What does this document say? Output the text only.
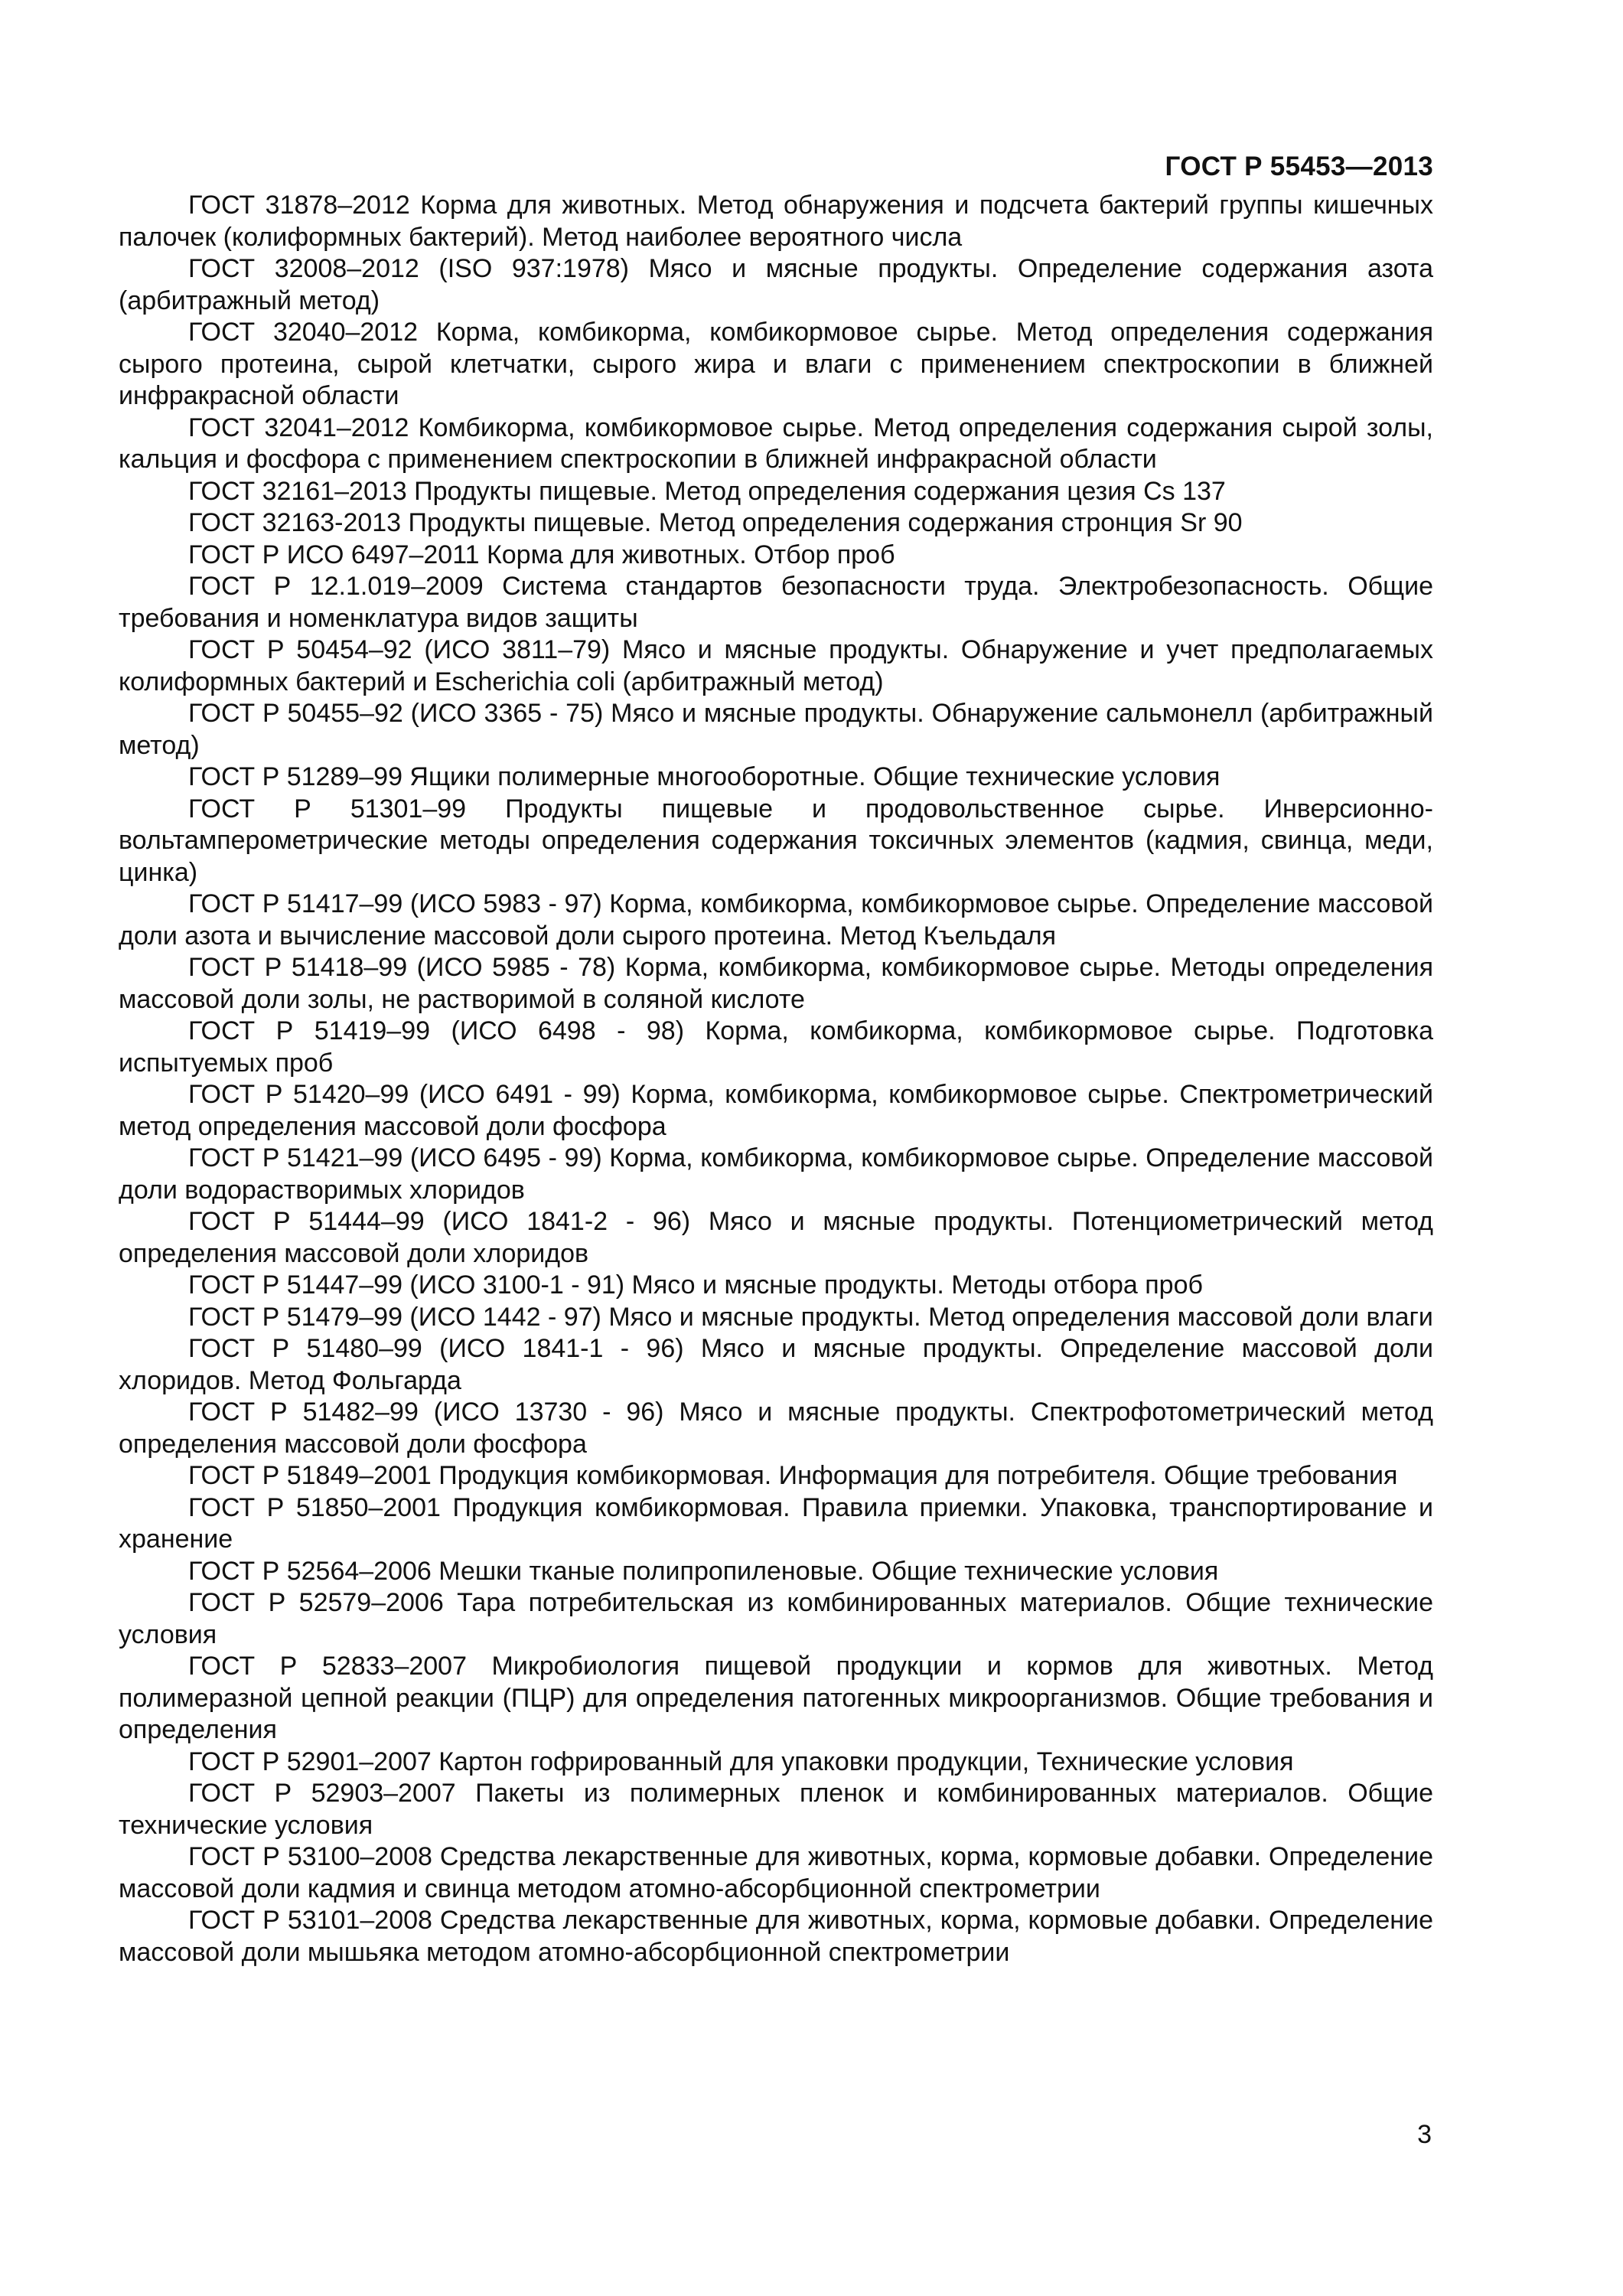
ГОСТ Р 55453—2013

ГОСТ 31878–2012 Корма для животных. Метод обнаружения и подсчета бактерий группы кишечных палочек (колиформных бактерий). Метод наиболее вероятного числа

ГОСТ 32008–2012 (ISO 937:1978) Мясо и мясные продукты. Определение содержания азота (арбитражный метод)

ГОСТ 32040–2012 Корма, комбикорма, комбикормовое сырье. Метод определения содержания сырого протеина, сырой клетчатки, сырого жира и влаги с применением спектроскопии в ближней инфракрасной области

ГОСТ 32041–2012 Комбикорма, комбикормовое сырье. Метод определения содержания сырой золы, кальция и фосфора с применением спектроскопии в ближней инфракрасной области

ГОСТ 32161–2013 Продукты пищевые. Метод определения содержания цезия Cs 137

ГОСТ 32163-2013 Продукты пищевые. Метод определения содержания стронция Sr 90

ГОСТ Р ИСО 6497–2011 Корма для животных. Отбор проб

ГОСТ Р 12.1.019–2009 Система стандартов безопасности труда. Электробезопасность. Общие требования и номенклатура видов защиты

ГОСТ Р 50454–92 (ИСО 3811–79) Мясо и мясные продукты. Обнаружение и учет предполагаемых колиформных бактерий и Escherichia coli (арбитражный метод)

ГОСТ Р 50455–92 (ИСО 3365 - 75) Мясо и мясные продукты. Обнаружение сальмонелл (арбитражный метод)

ГОСТ Р 51289–99 Ящики полимерные многооборотные. Общие технические условия

ГОСТ Р 51301–99 Продукты пищевые и продовольственное сырье. Инверсионно-вольтамперометрические методы определения содержания токсичных элементов (кадмия, свинца, меди, цинка)

ГОСТ Р 51417–99 (ИСО 5983 - 97) Корма, комбикорма, комбикормовое сырье. Определение массовой доли азота и вычисление массовой доли сырого протеина. Метод Къельдаля

ГОСТ Р 51418–99 (ИСО 5985 - 78) Корма, комбикорма, комбикормовое сырье. Методы определения массовой доли золы, не растворимой в соляной кислоте

ГОСТ Р 51419–99 (ИСО 6498 - 98) Корма, комбикорма, комбикормовое сырье. Подготовка испытуемых проб

ГОСТ Р 51420–99 (ИСО 6491 - 99) Корма, комбикорма, комбикормовое сырье. Спектрометрический метод определения массовой доли фосфора

ГОСТ Р 51421–99 (ИСО 6495 - 99) Корма, комбикорма, комбикормовое сырье. Определение массовой доли водорастворимых хлоридов

ГОСТ Р 51444–99 (ИСО 1841-2 - 96) Мясо и мясные продукты. Потенциометрический метод определения массовой доли хлоридов

ГОСТ Р 51447–99 (ИСО 3100-1 - 91) Мясо и мясные продукты. Методы отбора проб

ГОСТ Р 51479–99 (ИСО 1442 - 97) Мясо и мясные продукты. Метод определения массовой доли влаги

ГОСТ Р 51480–99 (ИСО 1841-1 - 96) Мясо и мясные продукты. Определение массовой доли хлоридов. Метод Фольгарда

ГОСТ Р 51482–99 (ИСО 13730 - 96) Мясо и мясные продукты. Спектрофотометрический метод определения массовой доли фосфора

ГОСТ Р 51849–2001 Продукция комбикормовая. Информация для потребителя. Общие требования

ГОСТ Р 51850–2001 Продукция комбикормовая. Правила приемки. Упаковка, транспортирование и хранение

ГОСТ Р 52564–2006 Мешки тканые полипропиленовые. Общие технические условия

ГОСТ Р 52579–2006 Тара потребительская из комбинированных материалов. Общие технические условия

ГОСТ Р 52833–2007 Микробиология пищевой продукции и кормов для животных. Метод полимеразной цепной реакции (ПЦР) для определения патогенных микроорганизмов. Общие требования и определения

ГОСТ Р 52901–2007 Картон гофрированный для упаковки продукции, Технические условия

ГОСТ Р 52903–2007 Пакеты из полимерных пленок и комбинированных материалов. Общие технические условия

ГОСТ Р 53100–2008 Средства лекарственные для животных, корма, кормовые добавки. Определение массовой доли кадмия и свинца методом атомно-абсорбционной спектрометрии

ГОСТ Р 53101–2008 Средства лекарственные для животных, корма, кормовые добавки. Определение массовой доли мышьяка методом атомно-абсорбционной спектрометрии

3
